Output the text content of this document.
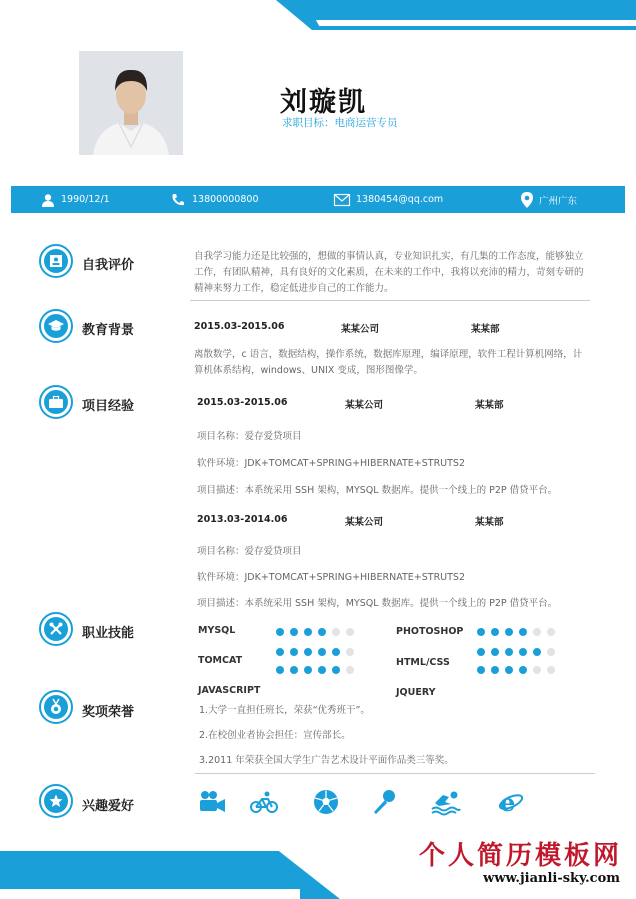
刘璇凯
求职目标：电商运营专员
1990/12/1	13800000800	1380454@qq.com	广州广东
自我评价
自我学习能力还是比较强的，想做的事情认真，专业知识扎实，有几集的工作态度，能够独立
工作，有团队精神，具有良好的文化素质，在未来的工作中，我将以充沛的精力，苛刻专研的
精神来努力工作，稳定低进步自己的工作能力。
教育背景	2015.03-2015.06	某某公司	某某部
离散数学，c 语言，数据结构，操作系统，数据库原理，编译原理，软件工程计算机网络，计
算机体系结构，windows、UNIX 变成，图形图像学。
项目经验	2015.03-2015.06	某某公司	某某部
项目名称：爱存爱贷项目
软件环境：JDK+TOMCAT+SPRING+HIBERNATE+STRUTS2
项目描述：本系统采用 SSH 架构，MYSQL 数据库。提供一个线上的 P2P 借贷平台。
2013.03-2014.06	某某公司	某某部
项目名称：爱存爱贷项目
软件环境：JDK+TOMCAT+SPRING+HIBERNATE+STRUTS2
项目描述：本系统采用 SSH 架构，MYSQL 数据库。提供一个线上的 P2P 借贷平台。
职业技能	MYSQL	PHOTOSHOP
TOMCAT	HTML/CSS
JAVASCRIPT	JQUERY
奖项荣誉	1.大学一直担任班长，荣获“优秀班干”。
2.在校创业者协会担任：宣传部长。
3.2011 年荣获全国大学生广告艺术设计平面作品类三等奖。
兴趣爱好	e
个人简历模板网
www.jianli-sky.com
